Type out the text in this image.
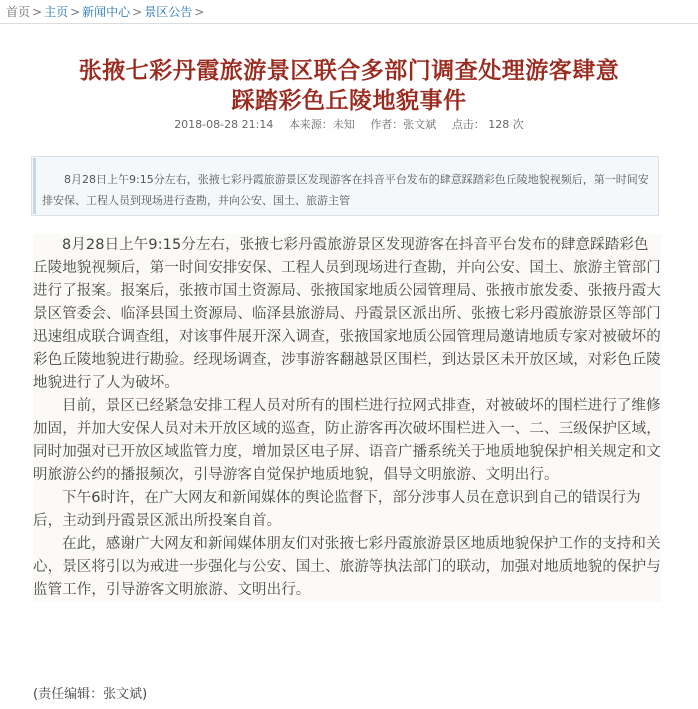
首页 > 主页 > 新闻中心 > 景区公告 >
张掖七彩丹霞旅游景区联合多部门调查处理游客肆意
踩踏彩色丘陵地貌事件
2018-08-28 21:14 本来源：未知 作者：张文斌 点击： 128 次
8月28日上午9:15分左右，张掖七彩丹霞旅游景区发现游客在抖音平台发布的肆意踩踏彩色丘陵地貌视频后，第一时间安排安保、工程人员到现场进行查勘，并向公安、国土、旅游主管

8月28日上午9:15分左右，张掖七彩丹霞旅游景区发现游客在抖音平台发布的肆意踩踏彩色丘陵地貌视频后，第一时间安排安保、工程人员到现场进行查勘，并向公安、国土、旅游主管部门进行了报案。报案后，张掖市国土资源局、张掖国家地质公园管理局、张掖市旅发委、张掖丹霞大景区管委会、临泽县国土资源局、临泽县旅游局、丹霞景区派出所、张掖七彩丹霞旅游景区等部门迅速组成联合调查组，对该事件展开深入调查，张掖国家地质公园管理局邀请地质专家对被破坏的彩色丘陵地貌进行勘验。经现场调查，涉事游客翻越景区围栏，到达景区未开放区域，对彩色丘陵地貌进行了人为破坏。

目前，景区已经紧急安排工程人员对所有的围栏进行拉网式排查，对被破坏的围栏进行了维修加固，并加大安保人员对未开放区域的巡查，防止游客再次破坏围栏进入一、二、三级保护区域，同时加强对已开放区域监管力度，增加景区电子屏、语音广播系统关于地质地貌保护相关规定和文明旅游公约的播报频次，引导游客自觉保护地质地貌，倡导文明旅游、文明出行。

下午6时许，在广大网友和新闻媒体的舆论监督下，部分涉事人员在意识到自己的错误行为后，主动到丹霞景区派出所投案自首。

在此，感谢广大网友和新闻媒体朋友们对张掖七彩丹霞旅游景区地质地貌保护工作的支持和关心，景区将引以为戒进一步强化与公安、国土、旅游等执法部门的联动，加强对地质地貌的保护与监管工作，引导游客文明旅游、文明出行。

(责任编辑：张文斌)
